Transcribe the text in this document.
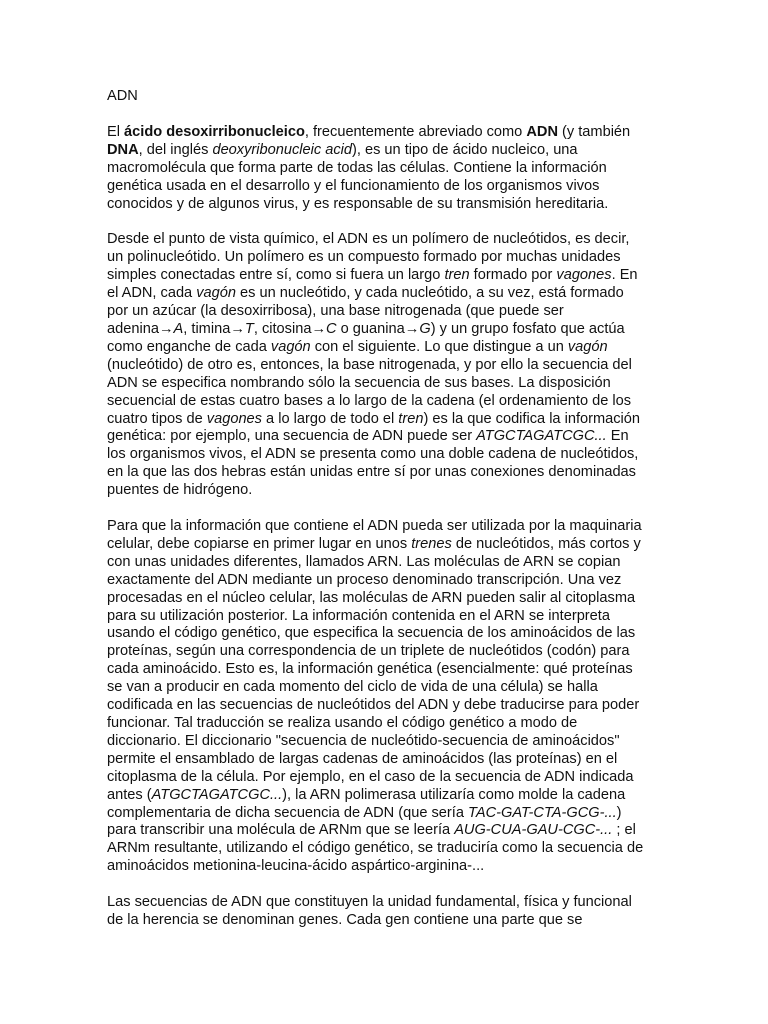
ADN
El ácido desoxirribonucleico, frecuentemente abreviado como ADN (y también
DNA, del inglés deoxyribonucleic acid), es un tipo de ácido nucleico, una
macromolécula que forma parte de todas las células. Contiene la información
genética usada en el desarrollo y el funcionamiento de los organismos vivos
conocidos y de algunos virus, y es responsable de su transmisión hereditaria.
Desde el punto de vista químico, el ADN es un polímero de nucleótidos, es decir,
un polinucleótido. Un polímero es un compuesto formado por muchas unidades
simples conectadas entre sí, como si fuera un largo tren formado por vagones. En
el ADN, cada vagón es un nucleótido, y cada nucleótido, a su vez, está formado
por un azúcar (la desoxirribosa), una base nitrogenada (que puede ser
adenina→A, timina→T, citosina→C o guanina→G) y un grupo fosfato que actúa
como enganche de cada vagón con el siguiente. Lo que distingue a un vagón
(nucleótido) de otro es, entonces, la base nitrogenada, y por ello la secuencia del
ADN se especifica nombrando sólo la secuencia de sus bases. La disposición
secuencial de estas cuatro bases a lo largo de la cadena (el ordenamiento de los
cuatro tipos de vagones a lo largo de todo el tren) es la que codifica la información
genética: por ejemplo, una secuencia de ADN puede ser ATGCTAGATCGC... En
los organismos vivos, el ADN se presenta como una doble cadena de nucleótidos,
en la que las dos hebras están unidas entre sí por unas conexiones denominadas
puentes de hidrógeno.
Para que la información que contiene el ADN pueda ser utilizada por la maquinaria
celular, debe copiarse en primer lugar en unos trenes de nucleótidos, más cortos y
con unas unidades diferentes, llamados ARN. Las moléculas de ARN se copian
exactamente del ADN mediante un proceso denominado transcripción. Una vez
procesadas en el núcleo celular, las moléculas de ARN pueden salir al citoplasma
para su utilización posterior. La información contenida en el ARN se interpreta
usando el código genético, que especifica la secuencia de los aminoácidos de las
proteínas, según una correspondencia de un triplete de nucleótidos (codón) para
cada aminoácido. Esto es, la información genética (esencialmente: qué proteínas
se van a producir en cada momento del ciclo de vida de una célula) se halla
codificada en las secuencias de nucleótidos del ADN y debe traducirse para poder
funcionar. Tal traducción se realiza usando el código genético a modo de
diccionario. El diccionario "secuencia de nucleótido-secuencia de aminoácidos"
permite el ensamblado de largas cadenas de aminoácidos (las proteínas) en el
citoplasma de la célula. Por ejemplo, en el caso de la secuencia de ADN indicada
antes (ATGCTAGATCGC...), la ARN polimerasa utilizaría como molde la cadena
complementaria de dicha secuencia de ADN (que sería TAC-GAT-CTA-GCG-...)
para transcribir una molécula de ARNm que se leería AUG-CUA-GAU-CGC-... ; el
ARNm resultante, utilizando el código genético, se traduciría como la secuencia de
aminoácidos metionina-leucina-ácido aspártico-arginina-...
Las secuencias de ADN que constituyen la unidad fundamental, física y funcional
de la herencia se denominan genes. Cada gen contiene una parte que se
